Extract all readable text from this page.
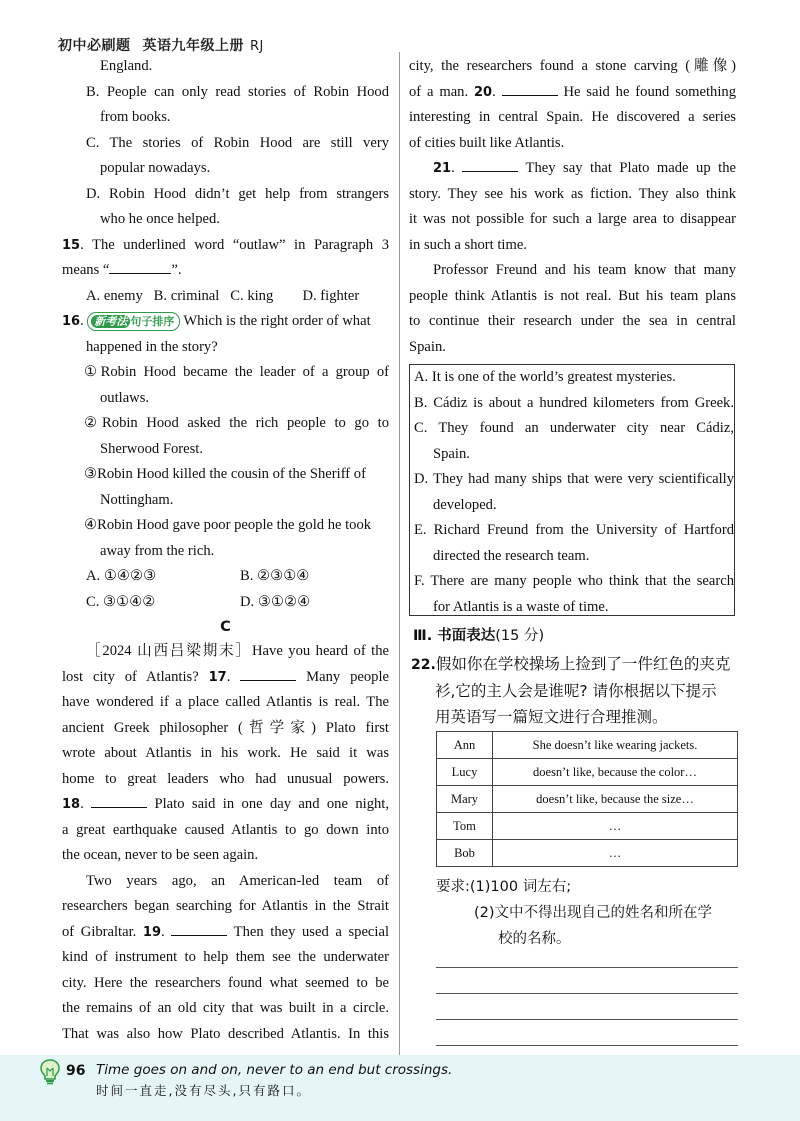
初中必刷题 英语九年级上册 RJ
England.
B. People can only read stories of Robin Hood
from books.
C. The stories of Robin Hood are still very
popular nowadays.
D. Robin Hood didn’t get help from strangers
who he once helped.
15. The underlined word “outlaw” in Paragraph 3
means “	”.
A. enemy   B. criminal   C. king        D. fighter
16. 新考法 句子排序 Which is the right order of what
happened in the story?
①Robin Hood became the leader of a group of
outlaws.
②Robin Hood asked the rich people to go to
Sherwood Forest.
③Robin Hood killed the cousin of the Sheriff of
Nottingham.
④Robin Hood gave poor people the gold he took
away from the rich.
A. ①④②③	B. ②③①④
C. ③①④②	D. ③①②④
C
［2024 山西吕梁期末］Have you heard of the
lost city of Atlantis? 17.	Many people
have wondered if a place called Atlantis is real. The
ancient Greek philosopher (哲学家) Plato first
wrote about Atlantis in his work. He said it was
home to great leaders who had unusual powers.
18.	Plato said in one day and one night,
a great earthquake caused Atlantis to go down into
the ocean, never to be seen again.
Two years ago, an American-led team of
researchers began searching for Atlantis in the Strait
of Gibraltar. 19.	Then they used a special
kind of instrument to help them see the underwater
city. Here the researchers found what seemed to be
the remains of an old city that was built in a circle.
That was also how Plato described Atlantis. In this
city, the researchers found a stone carving (雕像)
of a man. 20.	He said he found something
interesting in central Spain. He discovered a series
of cities built like Atlantis.
21.	They say that Plato made up the
story. They see his work as fiction. They also think
it was not possible for such a large area to disappear
in such a short time.
Professor Freund and his team know that many
people think Atlantis is not real. But his team plans
to continue their research under the sea in central
Spain.
A. It is one of the world’s greatest mysteries.
B. Cádiz is about a hundred kilometers from Greek.
C. They found an underwater city near Cádiz,
Spain.
D. They had many ships that were very scientifically
developed.
E. Richard Freund from the University of Hartford
directed the research team.
F. There are many people who think that the search
for Atlantis is a waste of time.
Ⅲ. 书面表达(15 分)
22.假如你在学校操场上捡到了一件红色的夹克
衫,它的主人会是谁呢? 请你根据以下提示
用英语写一篇短文进行合理推测。
Ann	She doesn’t like wearing jackets.
Lucy	doesn’t like, because the color…
Mary	doesn’t like, because the size…
Tom	…
Bob	…
要求:(1)100 词左右;
(2)文中不得出现自己的姓名和所在学
校的名称。
96 Time goes on and on, never to an end but crossings.
时间一直走,没有尽头,只有路口。
